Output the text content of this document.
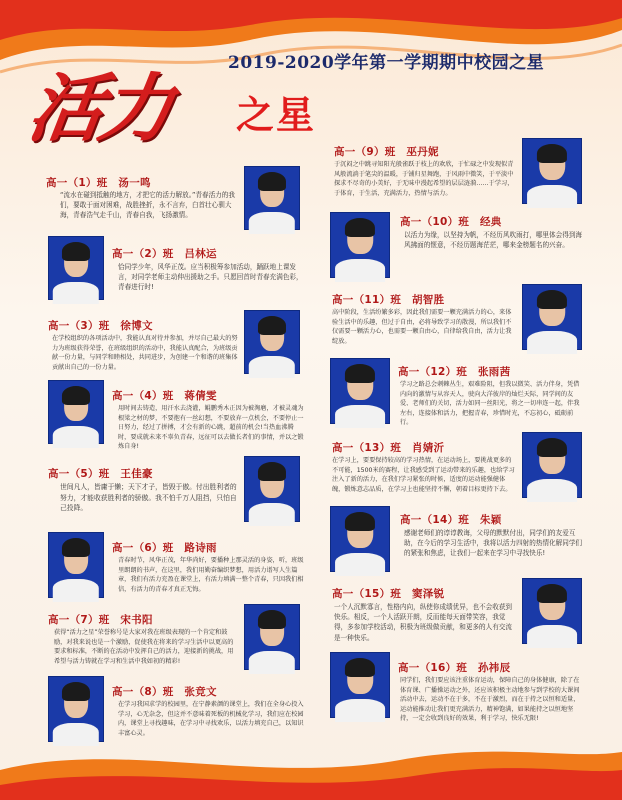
2019-2020学年第一学期期中校园之星
活力 之星
高一（1）班　汤一鸣
“流水在碰到抵触的地方，才把它的活力解放。”青春活力的我们，要敢于面对困难，战胜挫折，永不言弃，白首壮心驯大海，青春浩气走千山，青春自我，飞扬激情。
高一（2）班　吕林运
恰同学少年，风华正茂。应当积极筹参加活动，踊跃地上课发言，对同学老师主动伸出援助之手。只愿回首时青春充满色彩，青春进行时!
高一（3）班　徐博文
在学校组织的各项活动中，我能认真对待并参加，并尽自己最大的努力为班级获得荣誉，在班级组织的活动中，我能认真配合，为班级贡献一份力量，与同学和睦相处，共同进步，为创建一个和谐的班集体贡献出自己的一份力量。
高一（4）班　蒋倩雯
用时间去铸造，用汗水去浇灌，鲲鹏秀木正因为被淘磨，才被灵魂为根梁之材的梦，不要抱有一丝幻想，不要放弃一点机会，不要停止一日努力，经过了拼搏，才会有新的心跳，超前的机会!当热血沸腾时，要成就未来不辜负青春，远征可以去做长者们的事情，并以之锻炼自身!
高一（5）班　王佳豪
世间凡人，皆庸于懒；天下才子，皆毁于傲。付出胜利者的努力，才能收获胜利者的骄傲。我不怕千万人阻挡，只怕自己投降。
高一（6）班　路诗雨
青春时节，风华正茂，年华尚好，要播种上那灵活的身姿，听，班级里朗朗的书声，在这里，我们用勤奋编织梦想，用活力谱写人生篇章，我们有活力充盈在课堂上，有活力填满一整个青春，只因我们相信，有活力的青春才真正无悔。
高一（7）班　宋书阳
获得“活力之星”荣誉称号是大家对我在班级表现的一个肯定和鼓励，对我来说也是一个激励，促使我在将来的学习生活中以更高的要求和标准，不断的在活动中发挥自己的活力，迎接新的挑战，用希望与活力铸就在学习和生活中我如初的精彩!
高一（8）班　张竞文
在学习我国求学的校园里，在宁静素颜的课堂上，我们在全身心投入学习，心无杂念，但这并不意味着死板的机械化学习，我们应在校园内，课堂上寻找趣味，在学习中寻找欢乐，以活力填充自己，以知识丰富心灵。
高一（9）班　巫丹妮
于沉闷之中跳寻知阳光般雀跃于枝上的欢欣，于忙碌之中发现似青风般流淌于笔尖的温暖，于铺归星舞跑，于风雨中微笑，于平淡中探求不尽奇的小美好，于无味中漫起希望的层层涟漪……于学习，于体育，于生活，充满活力，热情与活力。
高一（10）班　经典
以活力为缘，以坚持为帆，不经历风吹雨打，哪里体会得到海风拂面的惬意，不经历题海茫茫，哪来金榜题名的兴奋。
高一（11）班　胡智胜
高中阶段，生活纷繁多彩，因此我们需要一颗充满活力的心，来体验生活中的乐趣，但过于自由，必将导致学习的散漫，所以我们不仅需要一颗活力心，也需要一颗自由心，自律给我自由，活力让我绽放。
高一（12）班　张雨茜
学习之路总会刺棘丛生，艰难险阻，但我以微笑、活力伴身，凭借内向的激情与从容天人，驶向大洋彼岸的灿烂天际，同学间的友爱、老师们的关切，活力如同一丝阳光，将之一切串连一起，伴我左右，连接体和活力，把握青春，珍惜时光，不忘初心，砥砺前行。
高一（13）班　肖婧沂
在学习上，要要保持较高的学习热情，在运动场上，要挑战更多的不可能，1500米的赛程，让我感受到了运动带来的乐趣，也给学习注入了新的活力，在我们学习紧张的时候，适度的运动能强健体魄，锻炼意志品质，在学习上也能坚持不懈，朝着目标更持下去。
高一（14）班　朱颖
感谢老师们的谆谆教诲，父母的默默付出，同学们的友爱互助，在今后的学习生活中，我将以活力四射的热情化解同学们的紧张和焦虑，让我们一起来在学习中寻找快乐!
高一（15）班　窦泽锐
一个人沉默寡言，性格内向，纵使你成绩优异，也不会收获到快乐。相反，一个人活跃开朗，反而能每天面带笑容，我觉得，多参加学校活动，积极为班级做贡献，和更多的人有交流是一种快乐。
高一（16）班　孙祎辰
同学们，我们要应该注重体育运动，保障自己的身体健康，除了在体育课、广播操运动之外，还应该积极主动地参与到学校的大课间活动中去，运动不在于多，不在于激烈，而在于持之以恒和适量，运动能推动让我们更充满活力，精神饱满，如果能持之以恒地坚持，一定会收到良好的效果，利于学习，快乐无限!
